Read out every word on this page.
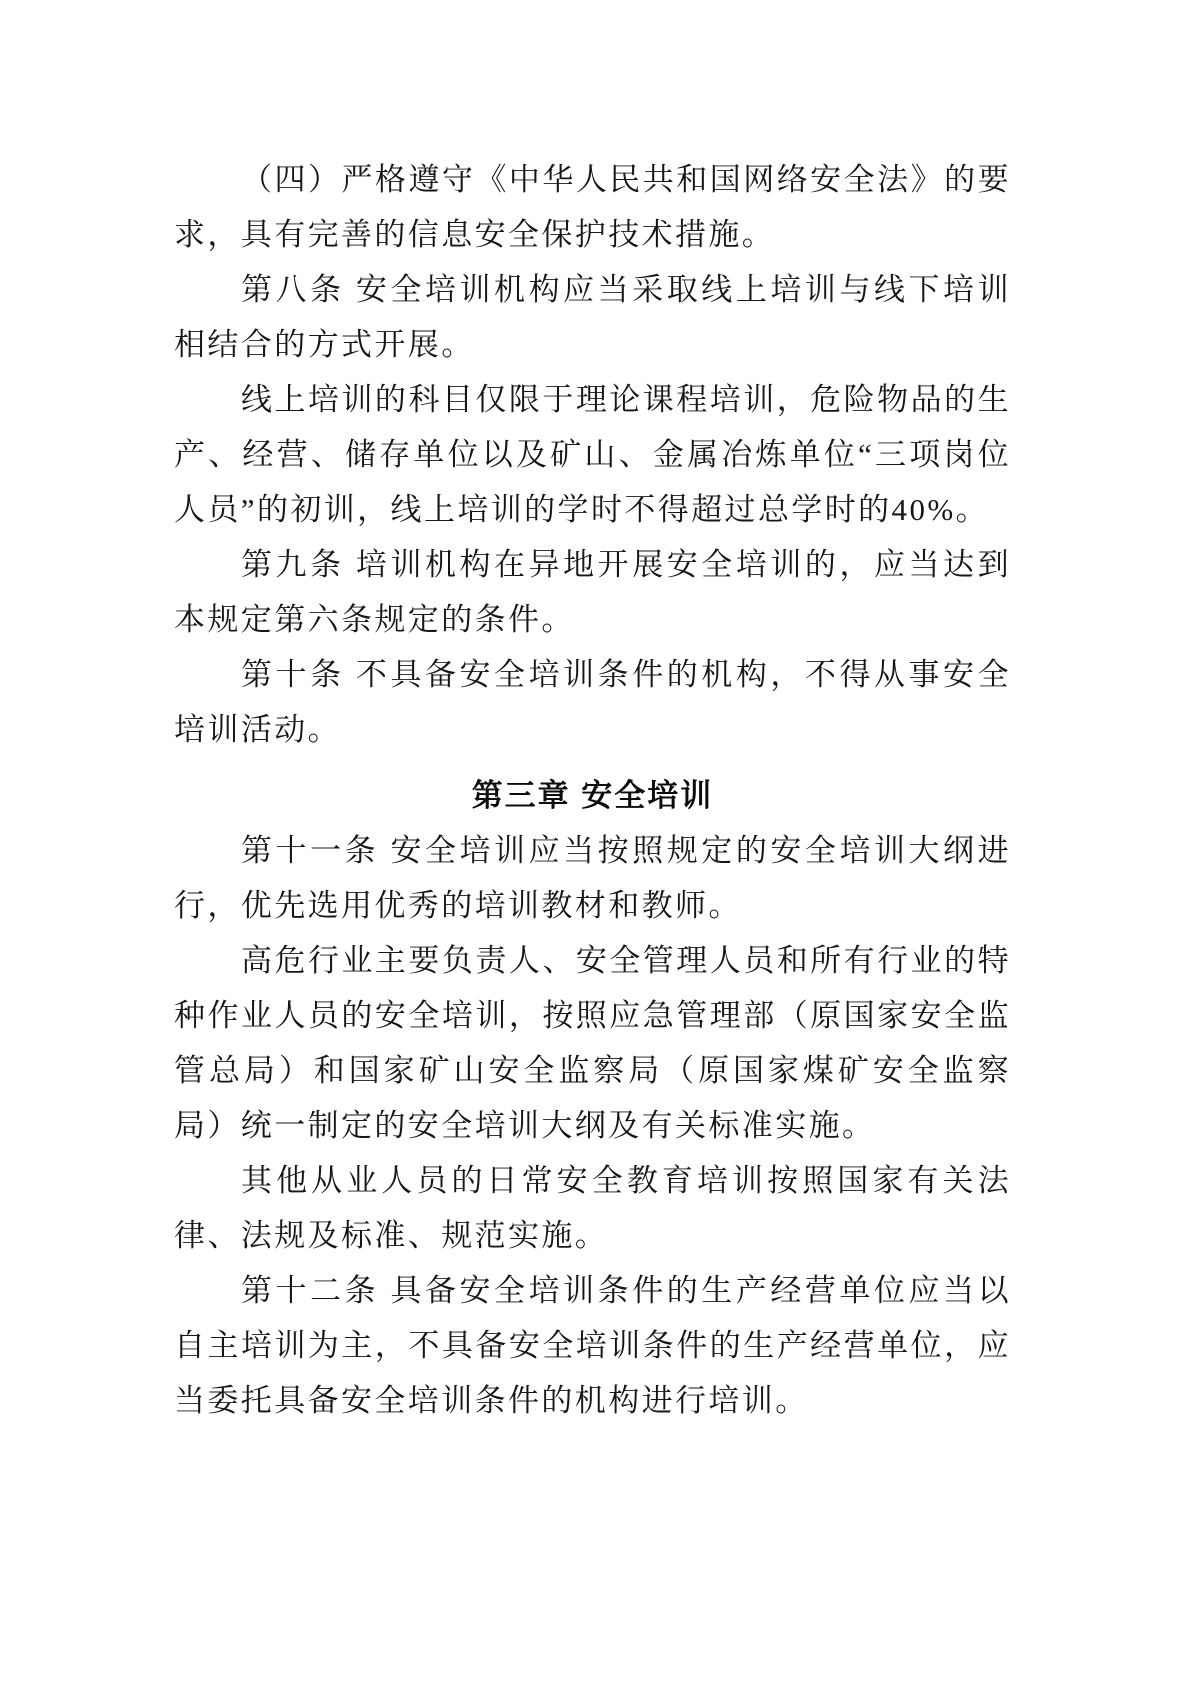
（四）严格遵守《中华人民共和国网络安全法》的要求，具有完善的信息安全保护技术措施。

第八条 安全培训机构应当采取线上培训与线下培训相结合的方式开展。

线上培训的科目仅限于理论课程培训，危险物品的生产、经营、储存单位以及矿山、金属冶炼单位“三项岗位人员”的初训，线上培训的学时不得超过总学时的40%。

第九条 培训机构在异地开展安全培训的，应当达到本规定第六条规定的条件。

第十条 不具备安全培训条件的机构，不得从事安全培训活动。

第三章 安全培训

第十一条 安全培训应当按照规定的安全培训大纲进行，优先选用优秀的培训教材和教师。

高危行业主要负责人、安全管理人员和所有行业的特种作业人员的安全培训，按照应急管理部（原国家安全监管总局）和国家矿山安全监察局（原国家煤矿安全监察局）统一制定的安全培训大纲及有关标准实施。

其他从业人员的日常安全教育培训按照国家有关法律、法规及标准、规范实施。

第十二条 具备安全培训条件的生产经营单位应当以自主培训为主，不具备安全培训条件的生产经营单位，应当委托具备安全培训条件的机构进行培训。
